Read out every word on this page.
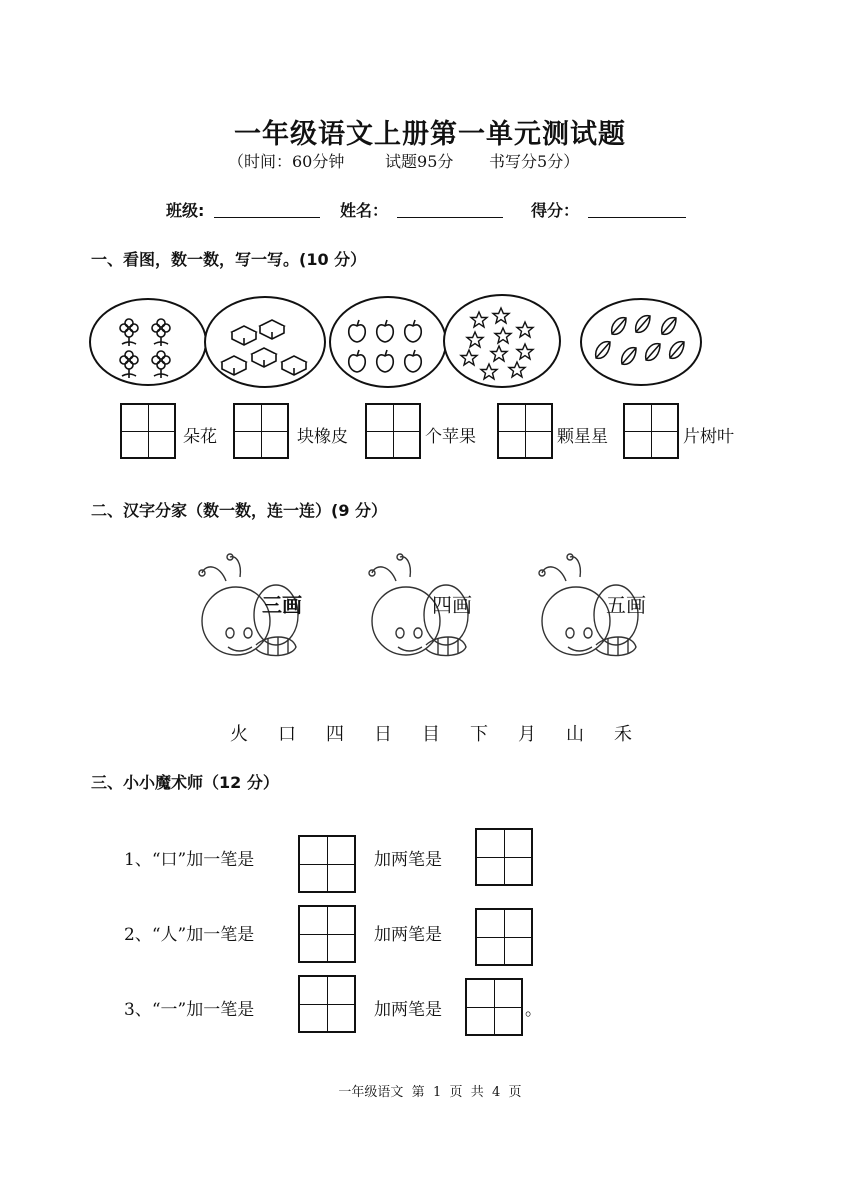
一年级语文上册第一单元测试题
（时间：60分钟        试题95分       书写分5分）
班级:	姓名：	得分：
一、看图，数一数，写一写。(10 分）
朵花	块橡皮	个苹果	颗星星	片树叶
二、汉字分家（数一数，连一连）(9 分）
三画	四画	五画
火 口 四 日 目 下 月 山 禾
三、小小魔术师（12 分）
1、“口”加一笔是	加两笔是
2、“人”加一笔是	加两笔是
3、“一”加一笔是	加两笔是	。
一年级语文  第  1  页  共  4  页
